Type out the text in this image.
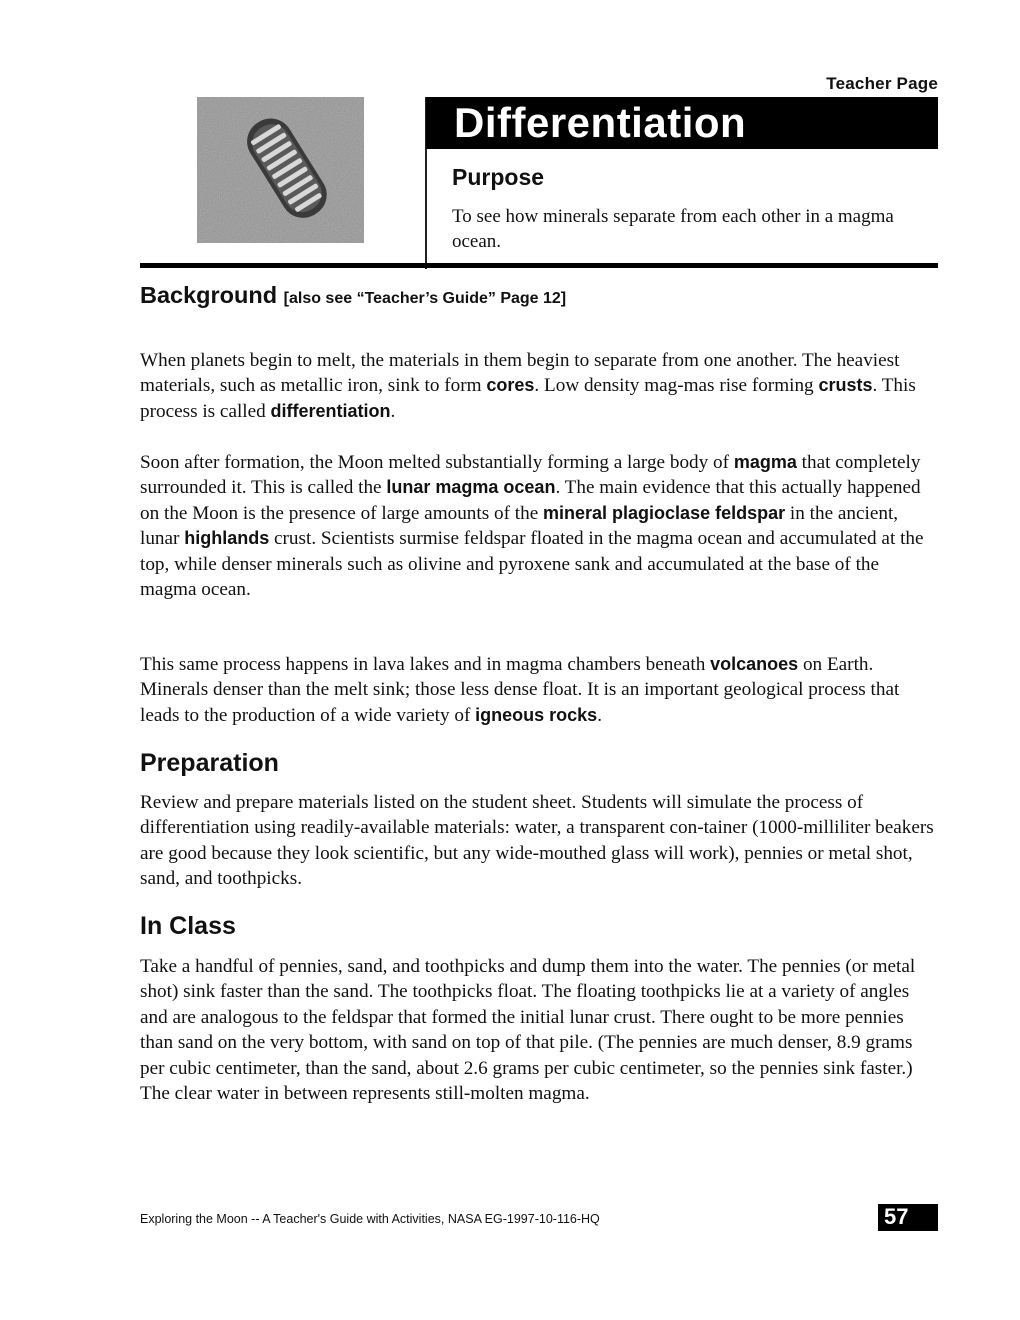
Teacher Page
Differentiation
Purpose
To see how minerals separate from each other in a magma ocean.
Background [also see “Teacher’s Guide” Page 12]
When planets begin to melt, the materials in them begin to separate from one another. The heaviest materials, such as metallic iron, sink to form cores. Low density mag-mas rise forming crusts. This process is called differentiation.
Soon after formation, the Moon melted substantially forming a large body of magma that completely surrounded it. This is called the lunar magma ocean. The main evidence that this actually happened on the Moon is the presence of large amounts of the mineral plagioclase feldspar in the ancient, lunar highlands crust. Scientists surmise feldspar floated in the magma ocean and accumulated at the top, while denser minerals such as olivine and pyroxene sank and accumulated at the base of the magma ocean.
This same process happens in lava lakes and in magma chambers beneath volcanoes on Earth. Minerals denser than the melt sink; those less dense float. It is an important geological process that leads to the production of a wide variety of igneous rocks.
Preparation
Review and prepare materials listed on the student sheet. Students will simulate the process of differentiation using readily-available materials: water, a transparent con-tainer (1000-milliliter beakers are good because they look scientific, but any wide-mouthed glass will work), pennies or metal shot, sand, and toothpicks.
In Class
Take a handful of pennies, sand, and toothpicks and dump them into the water. The pennies (or metal shot) sink faster than the sand. The toothpicks float. The floating toothpicks lie at a variety of angles and are analogous to the feldspar that formed the initial lunar crust. There ought to be more pennies than sand on the very bottom, with sand on top of that pile. (The pennies are much denser, 8.9 grams per cubic centimeter, than the sand, about 2.6 grams per cubic centimeter, so the pennies sink faster.) The clear water in between represents still-molten magma.
Exploring the Moon -- A Teacher's Guide with Activities, NASA EG-1997-10-116-HQ	57
